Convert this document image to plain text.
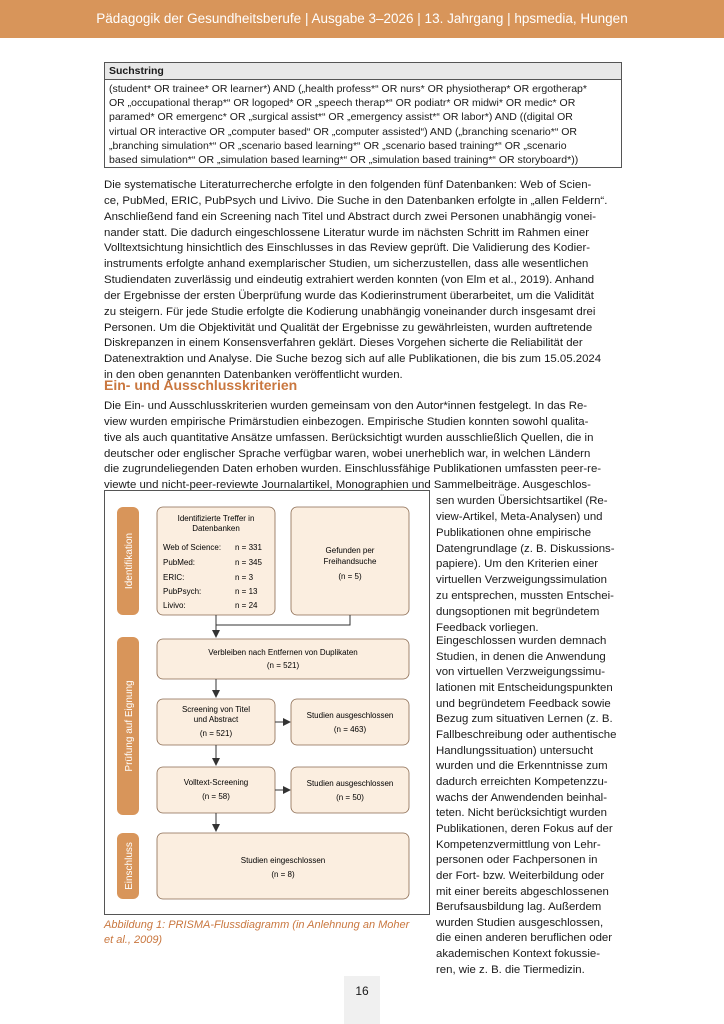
Pädagogik der Gesundheitsberufe | Ausgabe 3–2026 | 13. Jahrgang | hpsmedia, Hungen
Suchstring
(student* OR trainee* OR learner*) AND („health profess*“ OR nurs* OR physiotherap* OR ergotherap*
OR „occupational therap*“ OR logoped* OR „speech therap*“ OR podiatr* OR midwi* OR medic* OR
paramed* OR emergenc* OR „surgical assist*“ OR „emergency assist*“ OR labor*) AND ((digital OR
virtual OR interactive OR „computer based“ OR „computer assisted“) AND („branching scenario*“ OR
„branching simulation*“ OR „scenario based learning*“ OR „scenario based training*“ OR „scenario
based simulation*“ OR „simulation based learning*“ OR „simulation based training*“ OR storyboard*))
Die systematische Literaturrecherche erfolgte in den folgenden fünf Datenbanken: Web of Scien-
ce, PubMed, ERIC, PubPsych und Livivo. Die Suche in den Datenbanken erfolgte in „allen Feldern“.
Anschließend fand ein Screening nach Titel und Abstract durch zwei Personen unabhängig vonei-
nander statt. Die dadurch eingeschlossene Literatur wurde im nächsten Schritt im Rahmen einer
Volltextsichtung hinsichtlich des Einschlusses in das Review geprüft. Die Validierung des Kodier-
instruments erfolgte anhand exemplarischer Studien, um sicherzustellen, dass alle wesentlichen
Studiendaten zuverlässig und eindeutig extrahiert werden konnten (von Elm et al., 2019). Anhand
der Ergebnisse der ersten Überprüfung wurde das Kodierinstrument überarbeitet, um die Validität
zu steigern. Für jede Studie erfolgte die Kodierung unabhängig voneinander durch insgesamt drei
Personen. Um die Objektivität und Qualität der Ergebnisse zu gewährleisten, wurden auftretende
Diskrepanzen in einem Konsensverfahren geklärt. Dieses Vorgehen sicherte die Reliabilität der
Datenextraktion und Analyse. Die Suche bezog sich auf alle Publikationen, die bis zum 15.05.2024
in den oben genannten Datenbanken veröffentlicht wurden.
Ein- und Ausschlusskriterien
Die Ein- und Ausschlusskriterien wurden gemeinsam von den Autor*innen festgelegt. In das Re-
view wurden empirische Primärstudien einbezogen. Empirische Studien konnten sowohl qualita-
tive als auch quantitative Ansätze umfassen. Berücksichtigt wurden ausschließlich Quellen, die in
deutscher oder englischer Sprache verfügbar waren, wobei unerheblich war, in welchen Ländern
die zugrundeliegenden Daten erhoben wurden. Einschlussfähige Publikationen umfassten peer-re-
viewte und nicht-peer-reviewte Journalartikel, Monographien und Sammelbeiträge. Ausgeschlos-
sen wurden Übersichtsartikel (Re-
view-Artikel, Meta-Analysen) und
Publikationen ohne empirische
Datengrundlage (z. B. Diskussions-
papiere). Um den Kriterien einer
virtuellen Verzweigungssimulation
zu entsprechen, mussten Entschei-
dungsoptionen mit begründetem
Feedback vorliegen.
Eingeschlossen wurden demnach
Studien, in denen die Anwendung
von virtuellen Verzweigungssimu-
lationen mit Entscheidungspunkten
und begründetem Feedback sowie
Bezug zum situativen Lernen (z. B.
Fallbeschreibung oder authentische
Handlungssituation) untersucht
wurden und die Erkenntnisse zum
dadurch erreichten Kompetenzzu-
wachs der Anwendenden beinhal-
teten. Nicht berücksichtigt wurden
Publikationen, deren Fokus auf der
Kompetenzvermittlung von Lehr-
personen oder Fachpersonen in
der Fort- bzw. Weiterbildung oder
mit einer bereits abgeschlossenen
Berufsausbildung lag. Außerdem
wurden Studien ausgeschlossen,
die einen anderen beruflichen oder
akademischen Kontext fokussie-
ren, wie z. B. die Tiermedizin.
Identifikation
Prüfung auf Eignung
Einschluss
Identifizierte Treffer in
Datenbanken
Web of Science: n = 331
PubMed:	n = 345
ERIC:	n = 3
PubPsych:	n = 13
Livivo:	n = 24
Gefunden per
Freihandsuche
(n = 5)
Verbleiben nach Entfernen von Duplikaten
(n = 521)
Screening von Titel
und Abstract
(n = 521)
Studien ausgeschlossen
(n = 463)
Volltext-Screening
(n = 58)
Studien ausgeschlossen
(n = 50)
Studien eingeschlossen
(n = 8)
Abbildung 1: PRISMA-Flussdiagramm (in Anlehnung an Moher
et al., 2009)
16
